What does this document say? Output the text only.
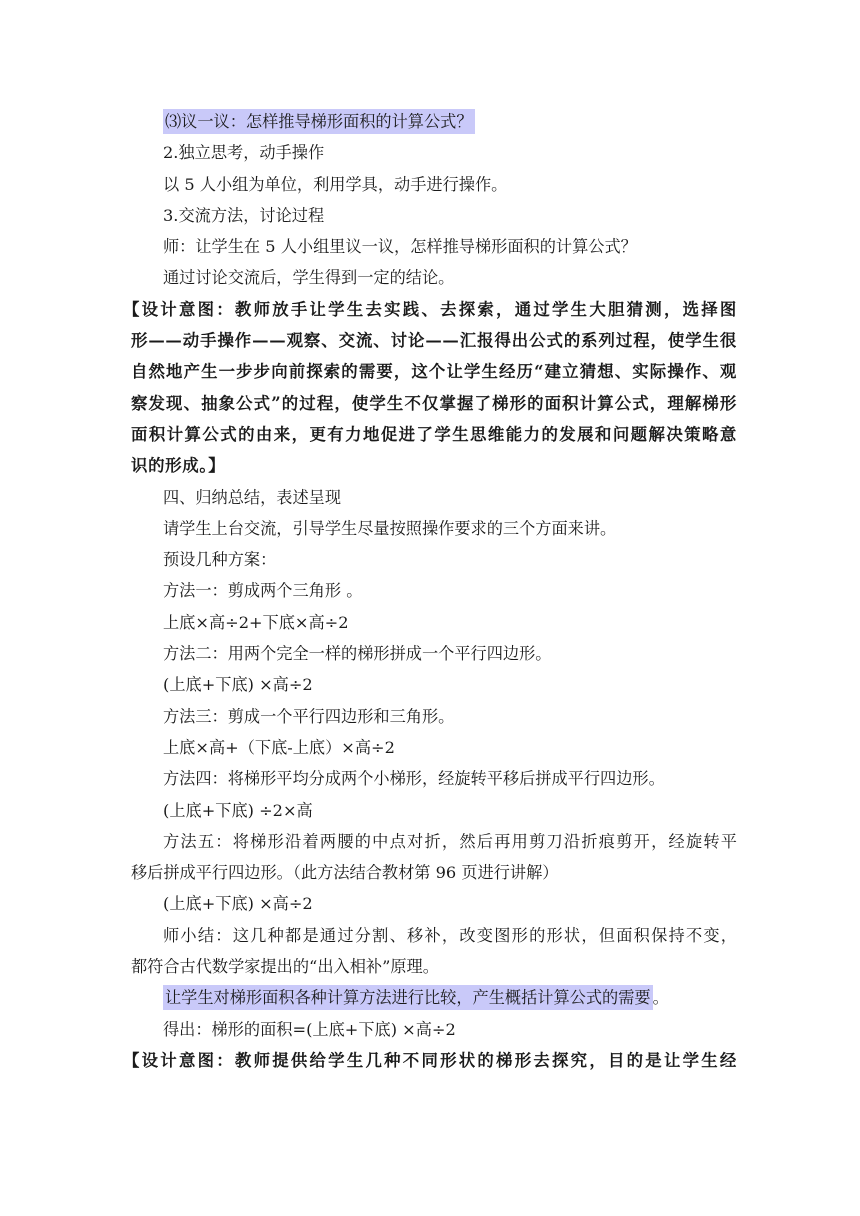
⑶议一议：怎样推导梯形面积的计算公式？
2.独立思考，动手操作
以 5 人小组为单位，利用学具，动手进行操作。
3.交流方法，讨论过程
师：让学生在 5 人小组里议一议，怎样推导梯形面积的计算公式？
通过讨论交流后，学生得到一定的结论。
【设计意图：教师放手让学生去实践、去探索，通过学生大胆猜测，选择图
形——动手操作——观察、交流、讨论——汇报得出公式的系列过程，使学生很
自然地产生一步步向前探索的需要，这个让学生经历“建立猜想、实际操作、观
察发现、抽象公式”的过程，使学生不仅掌握了梯形的面积计算公式，理解梯形
面积计算公式的由来，更有力地促进了学生思维能力的发展和问题解决策略意
识的形成。】
四、归纳总结，表述呈现
请学生上台交流，引导学生尽量按照操作要求的三个方面来讲。
预设几种方案：
方法一：剪成两个三角形 。
上底×高÷2+下底×高÷2
方法二：用两个完全一样的梯形拼成一个平行四边形。
(上底+下底) ×高÷2
方法三：剪成一个平行四边形和三角形。
上底×高+（下底-上底）×高÷2
方法四：将梯形平均分成两个小梯形，经旋转平移后拼成平行四边形。
(上底+下底) ÷2×高
方法五：将梯形沿着两腰的中点对折，然后再用剪刀沿折痕剪开，经旋转平
移后拼成平行四边形。（此方法结合教材第 96 页进行讲解）
(上底+下底) ×高÷2
师小结：这几种都是通过分割、移补，改变图形的形状，但面积保持不变，
都符合古代数学家提出的“出入相补”原理。
让学生对梯形面积各种计算方法进行比较，产生概括计算公式的需要 。
得出：梯形的面积=(上底+下底) ×高÷2
【设计意图：教师提供给学生几种不同形状的梯形去探究，目的是让学生经
